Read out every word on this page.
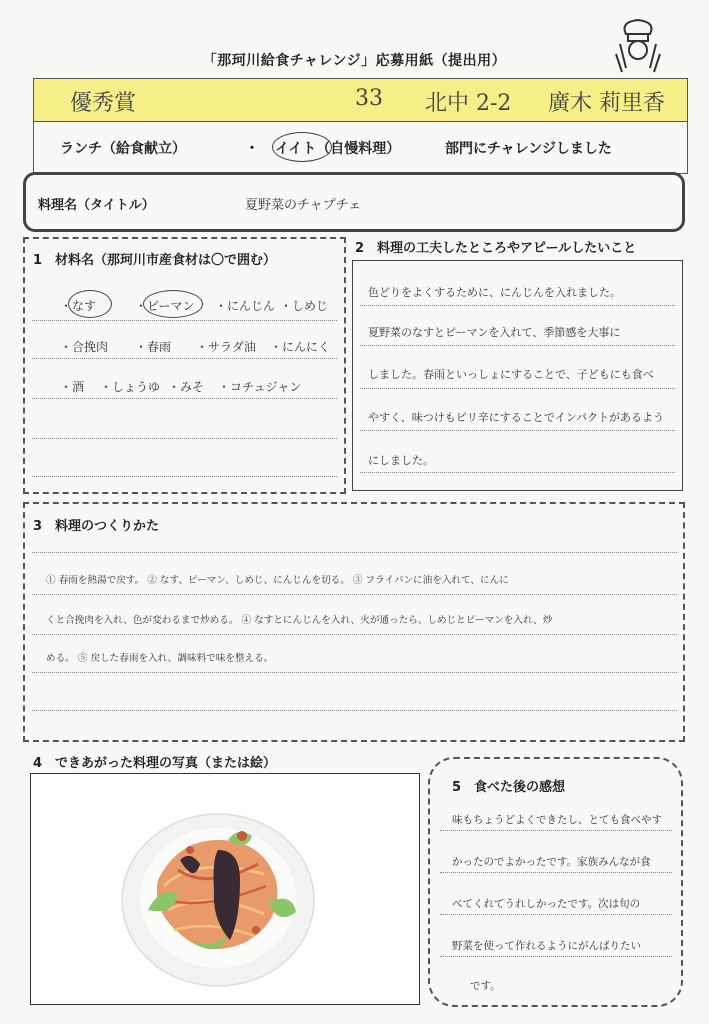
「那珂川給食チャレンジ」応募用紙（提出用）
優秀賞	33 北中 2-2 廣木 莉里香
ランチ（給食献立）	・ イイト（自慢料理）	部門にチャレンジしました
料理名（タイトル）	夏野菜のチャプチェ
1　材料名（那珂川市産食材は〇で囲む）
・なす	・ピーマン ・にんじん ・しめじ
・合挽肉 ・春雨 ・サラダ油 ・にんにく
・酒 ・しょうゆ ・みそ ・コチュジャン
2　料理の工夫したところやアピールしたいこと
色どりをよくするために、にんじんを入れました。
夏野菜のなすとピーマンを入れて、季節感を大事に
しました。春雨といっしょにすることで、子どもにも食べ
やすく、味つけもピリ辛にすることでインパクトがあるよう
にしました。
3　料理のつくりかた
① 春雨を熱湯で戻す。 ② なす、ピーマン、しめじ、にんじんを切る。 ③ フライパンに油を入れて、にんに
くと合挽肉を入れ、色が変わるまで炒める。 ④ なすとにんじんを入れ、火が通ったら、しめじとピーマンを入れ、炒
める。 ⑤ 戻した春雨を入れ、調味料で味を整える。
4　できあがった料理の写真（または絵）
5　食べた後の感想
味もちょうどよくできたし、とても食べやす
かったのでよかったです。家族みんなが食
べてくれてうれしかったです。次は旬の
野菜を使って作れるようにがんばりたい
です。
